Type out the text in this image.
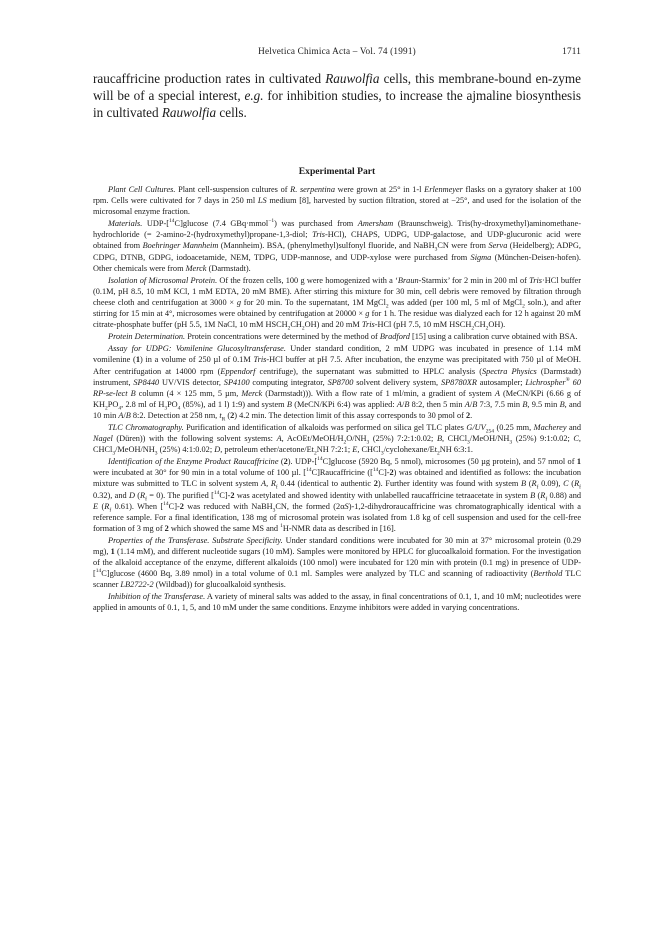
Helvetica Chimica Acta – Vol. 74 (1991)	1711
raucaffricine production rates in cultivated Rauwolfia cells, this membrane-bound en-zyme will be of a special interest, e.g. for inhibition studies, to increase the ajmaline biosynthesis in cultivated Rauwolfia cells.
Experimental Part

Plant Cell Cultures. Plant cell-suspension cultures of R. serpentina were grown at 25° in 1-l Erlenmeyer flasks on a gyratory shaker at 100 rpm. Cells were cultivated for 7 days in 250 ml LS medium [8], harvested by suction filtration, stored at −25°, and used for the isolation of the microsomal enzyme fraction.

Materials. UDP-[$^{14}$C]glucose (7.4 GBq·mmol$^{-1}$) was purchased from Amersham (Braunschweig). Tris(hy-droxymethyl)aminomethane-hydrochloride (= 2-amino-2-(hydroxymethyl)propane-1,3-diol; Tris-HCl), CHAPS, UDPG, UDP-galactose, and UDP-glucuronic acid were obtained from Boehringer Mannheim (Mannheim). BSA, (phenylmethyl)sulfonyl fluoride, and NaBH$_3$CN were from Serva (Heidelberg); ADPG, CDPG, DTNB, GDPG, iodoacetamide, NEM, TDPG, UDP-mannose, and UDP-xylose were purchased from Sigma (München-Deisen-hofen). Other chemicals were from Merck (Darmstadt).

Isolation of Microsomal Protein. Of the frozen cells, 100 g were homogenized with a ‘Braun-Starmix’ for 2 min in 200 ml of Tris·HCl buffer (0.1M, pH 8.5, 10 mM KCl, 1 mM EDTA, 20 mM BME). After stirring this mixture for 30 min, cell debris were removed by filtration through cheese cloth and centrifugation at 3000 × g for 20 min. To the supernatant, 1M MgCl$_2$ was added (per 100 ml, 5 ml of MgCl$_2$ soln.), and after stirring for 15 min at 4°, microsomes were obtained by centrifugation at 20000 × g for 1 h. The residue was dialyzed each for 12 h against 20 mM citrate-phosphate buffer (pH 5.5, 1M NaCl, 10 mM $HSCH_2CH_2OH$) and 20 mM Tris-HCl (pH 7.5, 10 mM $HSCH_2CH_2OH$).

Protein Determination. Protein concentrations were determined by the method of Bradford [15] using a calibration curve obtained with BSA.

Assay for UDPG: Vomilenine Glucosyltransferase. Under standard condition, 2 mM UDPG was incubated in presence of 1.14 mM vomilenine (1) in a volume of 250 µl of 0.1M Tris-HCl buffer at pH 7.5. After incubation, the enzyme was precipitated with 750 µl of MeOH. After centrifugation at 14000 rpm (Eppendorf centrifuge), the supernatant was submitted to HPLC analysis (Spectra Physics (Darmstadt) instrument, SP8440 UV/VIS detector, SP4100 computing integrator, SP8700 solvent delivery system, SP8780XR autosampler; Lichrospher® 60 RP-se-lect B column (4 × 125 mm, 5 µm, Merck (Darmstadt))). With a flow rate of 1 ml/min, a gradient of system A (MeCN/KPi (6.66 g of $KH_2PO_4$, 2.8 ml of $H_3PO_4$ (85%), ad 1 l) 1:9) and system B (MeCN/KPi 6:4) was applied: A/B 8:2, then 5 min A/B 7:3, 7.5 min B, 9.5 min B, and 10 min A/B 8:2. Detection at 258 nm, $t_R$ (2) 4.2 min. The detection limit of this assay corresponds to 30 pmol of 2.

TLC Chromatography. Purification and identification of alkaloids was performed on silica gel TLC plates $G/UV_{254}$ (0.25 mm, Macherey and Nagel (Düren)) with the following solvent systems: A, AcOEt/$MeOH/H_2O/NH_3$ (25%) 7:2:1:0.02; B, $CHCl_3/MeOH/NH_3$ (25%) 9:1:0.02; C, $CHCl_3/MeOH/NH_3$ (25%) 4:1:0.02; D, petroleum ether/$acetone/Et_2NH$ 7:2:1; E, $CHCl_3/cyclohexane/Et_2NH$ 6:3:1.

Identification of the Enzyme Product Raucaffricine (2). UDP-[$^{14}$C]glucose (5920 Bq, 5 nmol), microsomes (50 µg protein), and 57 nmol of 1 were incubated at 30° for 90 min in a total volume of 100 µl. [$^{14}$C]Raucaffricine ([$^{14}$C]-2) was obtained and identified as follows: the incubation mixture was submitted to TLC in solvent system A, $R_f$ 0.44 (identical to authentic 2). Further identity was found with system B ($R_f$ 0.09), C ($R_f$ 0.32), and D $(R_f = 0)$. The purified [$^{14}$C]-2 was acetylated and showed identity with unlabelled raucaffricine tetraacetate in system B ($R_f$ 0.88) and E ($R_f$ 0.61). When [$^{14}$C]-2 was reduced with NaBH$_3$CN, the formed (2αS)-1,2-dihydroraucaffricine was chromatographically identical with a reference sample. For a final identification, 138 mg of microsomal protein was isolated from 1.8 kg of cell suspension and used for the cell-free formation of 3 mg of 2 which showed the same MS and $^1$H-NMR data as described in [16].

Properties of the Transferase. Substrate Specificity. Under standard conditions were incubated for 30 min at 37° microsomal protein (0.29 mg), 1 (1.14 mM), and different nucleotide sugars (10 mM). Samples were monitored by HPLC for glucoalkaloid formation. For the investigation of the alkaloid acceptance of the enzyme, different alkaloids (100 nmol) were incubated for 120 min with protein (0.1 mg) in presence of UDP-[$^{14}$C]glucose (4600 Bq, 3.89 nmol) in a total volume of 0.1 ml. Samples were analyzed by TLC and scanning of radioactivity (Berthold TLC scanner LB2722-2 (Wildbad)) for glucoalkaloid synthesis.

Inhibition of the Transferase. A variety of mineral salts was added to the assay, in final concentrations of 0.1, 1, and 10 mM; nucleotides were applied in amounts of 0.1, 1, 5, and 10 mM under the same conditions. Enzyme inhibitors were added in varying concentrations.
